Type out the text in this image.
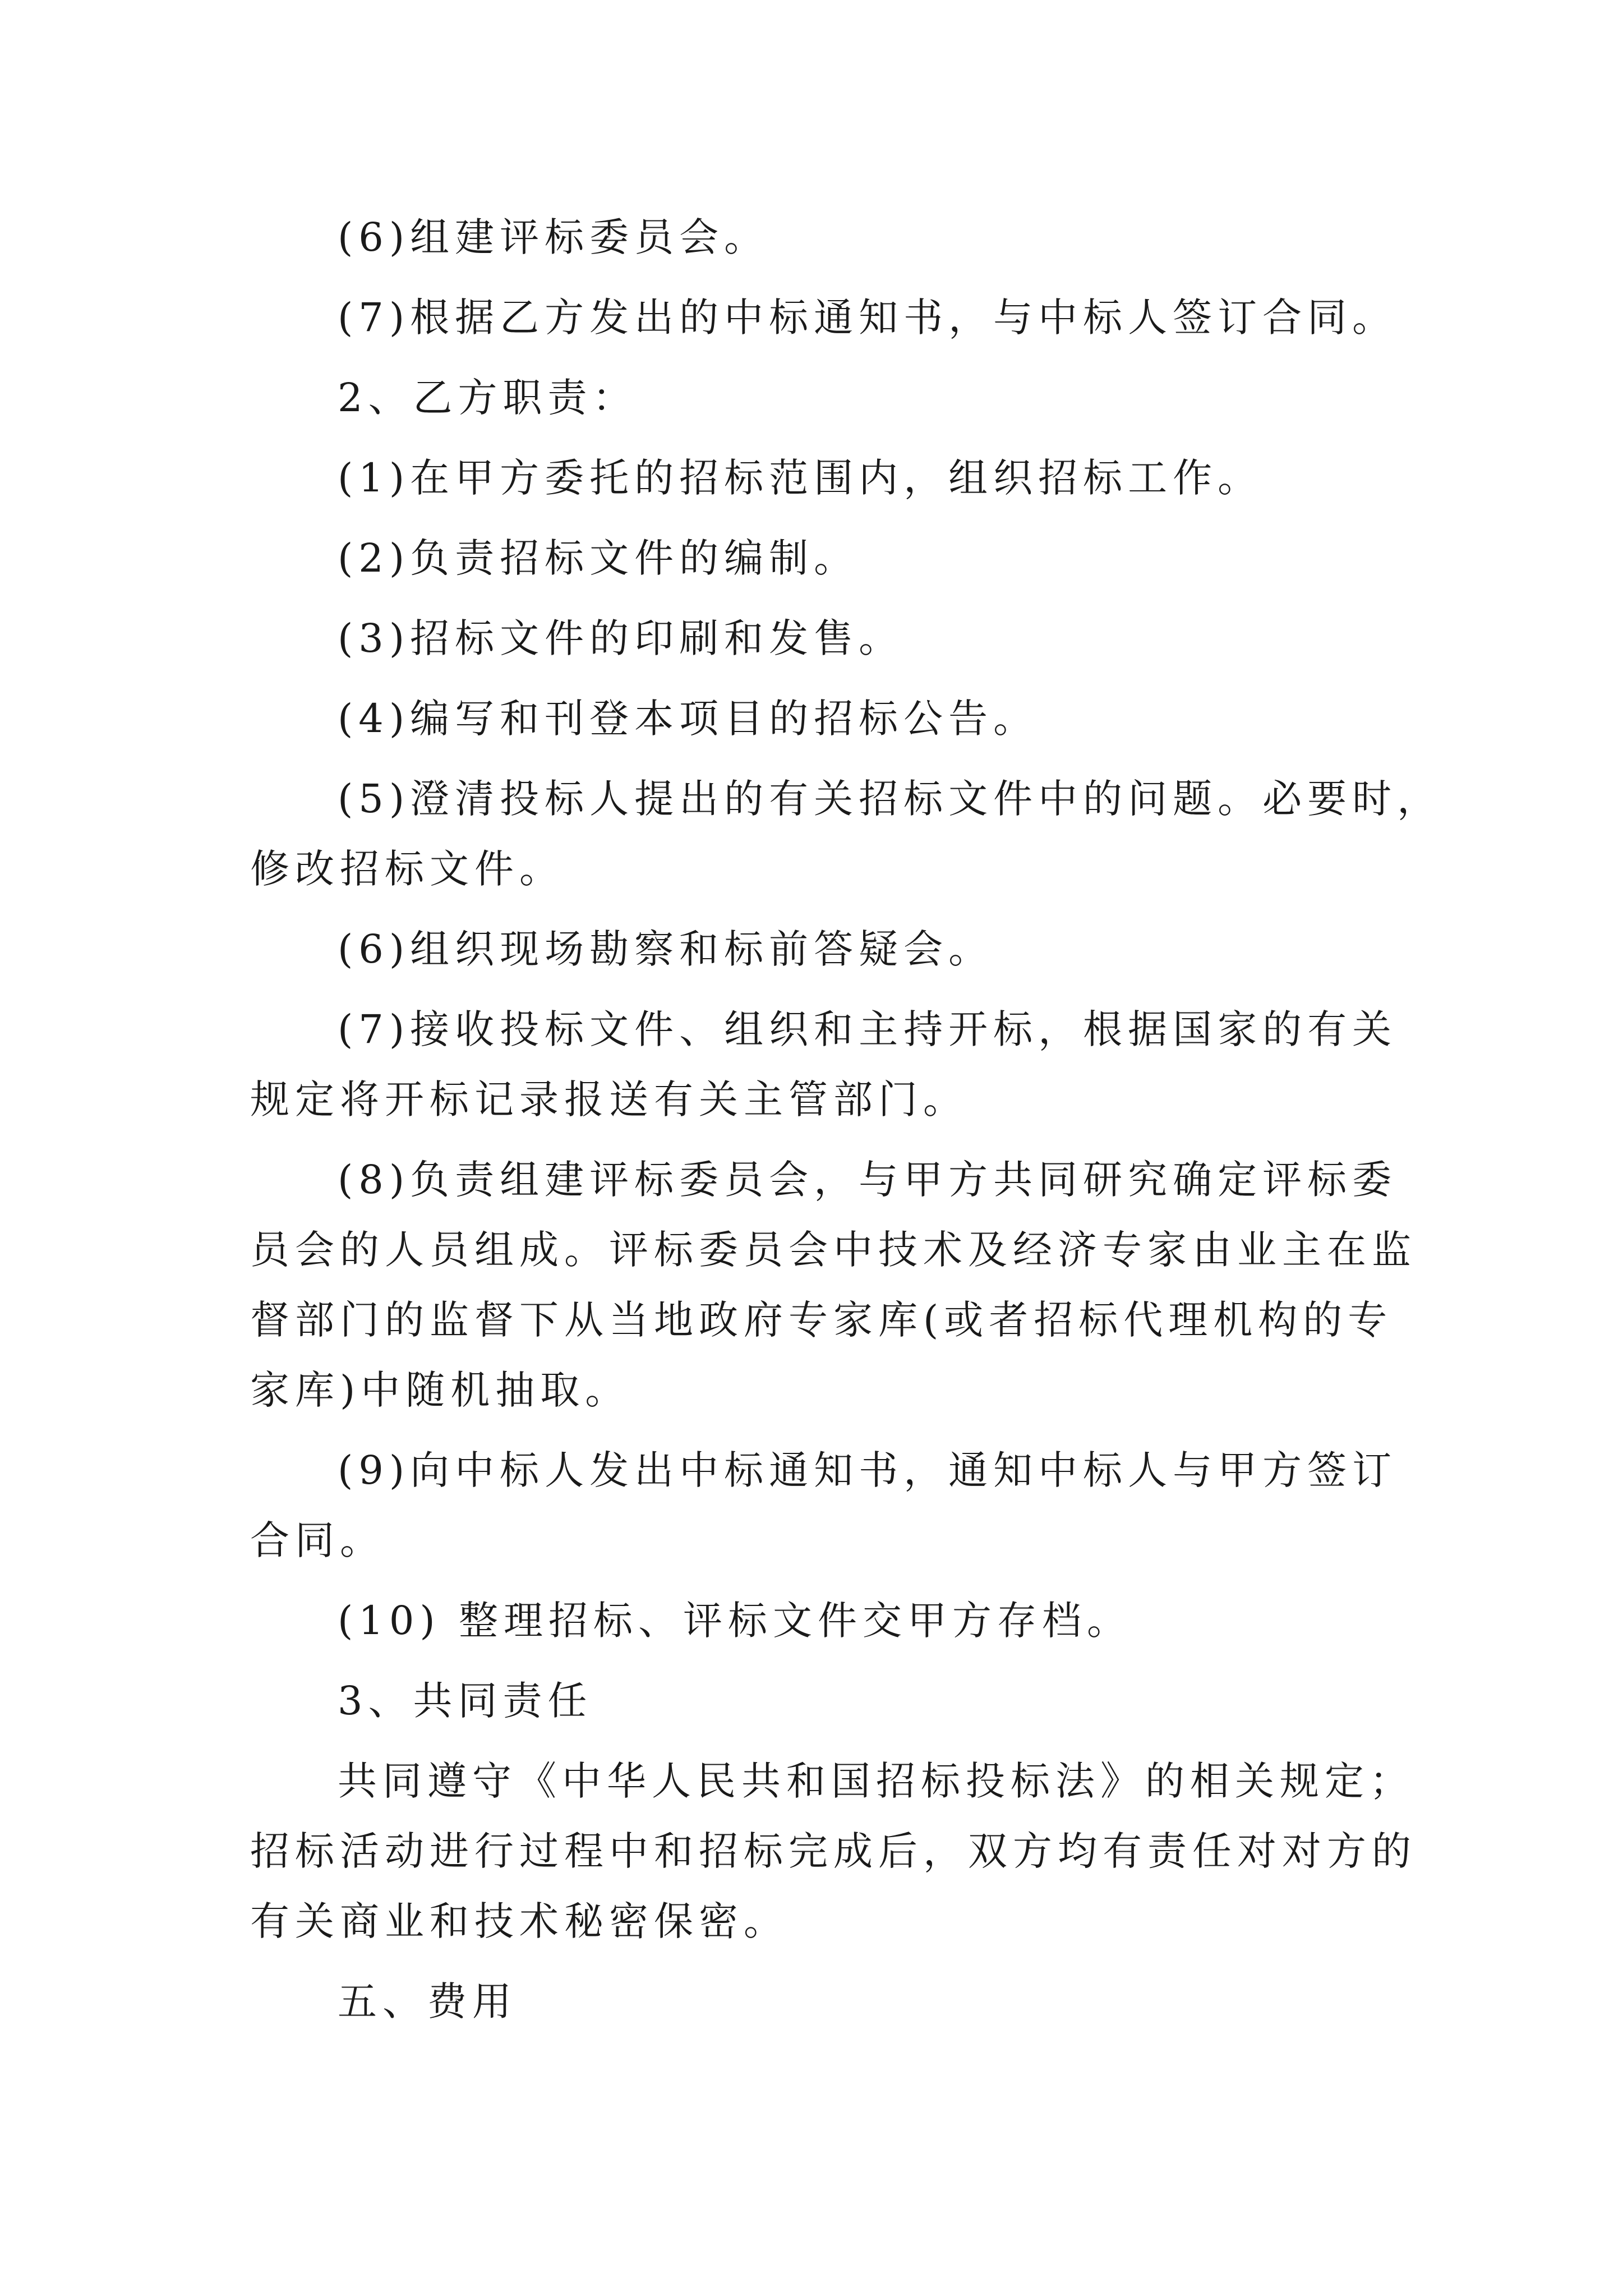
(6)组建评标委员会。

(7)根据乙方发出的中标通知书，与中标人签订合同。

2、乙方职责：

(1)在甲方委托的招标范围内，组织招标工作。

(2)负责招标文件的编制。

(3)招标文件的印刷和发售。

(4)编写和刊登本项目的招标公告。

(5)澄清投标人提出的有关招标文件中的问题。必要时，

修改招标文件。

(6)组织现场勘察和标前答疑会。

(7)接收投标文件、组织和主持开标，根据国家的有关

规定将开标记录报送有关主管部门。

(8)负责组建评标委员会，与甲方共同研究确定评标委

员会的人员组成。评标委员会中技术及经济专家由业主在监

督部门的监督下从当地政府专家库(或者招标代理机构的专

家库)中随机抽取。

(9)向中标人发出中标通知书，通知中标人与甲方签订

合同。

(10) 整理招标、评标文件交甲方存档。

3、共同责任

共同遵守《中华人民共和国招标投标法》的相关规定；

招标活动进行过程中和招标完成后，双方均有责任对对方的

有关商业和技术秘密保密。

五、费用
